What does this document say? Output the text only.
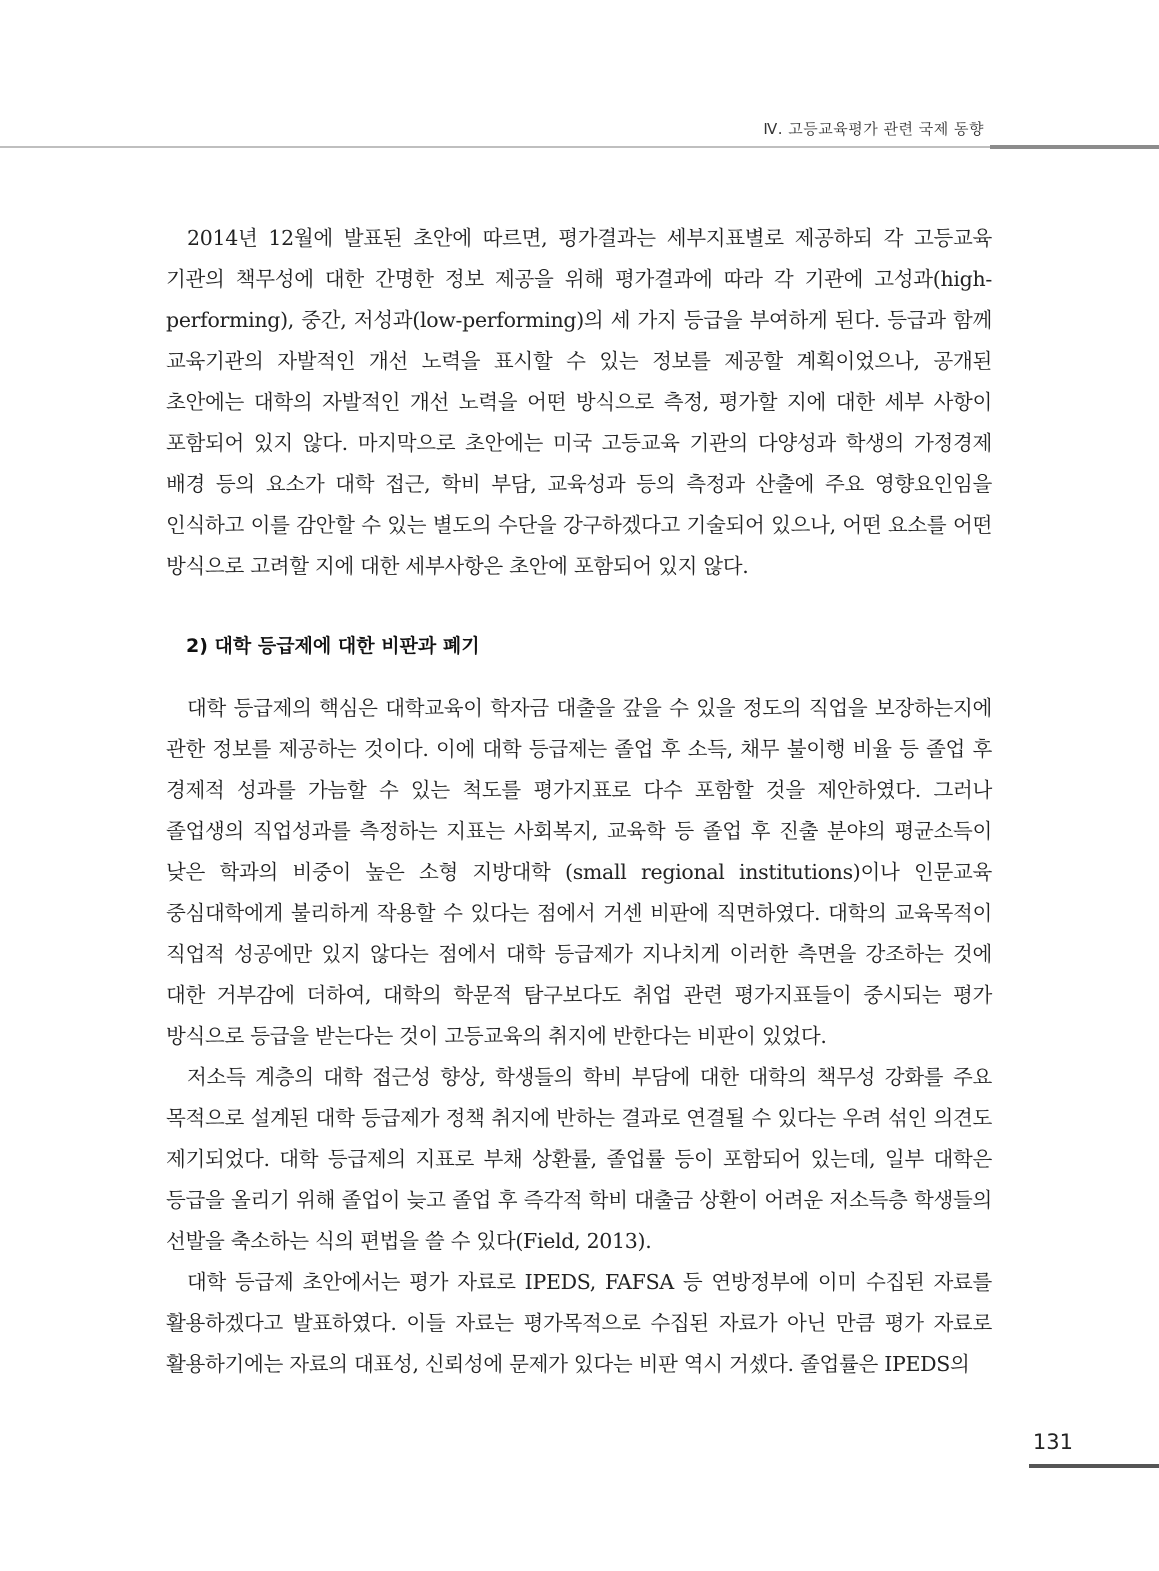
Ⅳ. 고등교육평가 관련 국제 동향

2014년 12월에 발표된 초안에 따르면, 평가결과는 세부지표별로 제공하되 각 고등교육 기관의 책무성에 대한 간명한 정보 제공을 위해 평가결과에 따라 각 기관에 고성과(high-performing), 중간, 저성과(low-performing)의 세 가지 등급을 부여하게 된다. 등급과 함께 교육기관의 자발적인 개선 노력을 표시할 수 있는 정보를 제공할 계획이었으나, 공개된 초안에는 대학의 자발적인 개선 노력을 어떤 방식으로 측정, 평가할 지에 대한 세부 사항이 포함되어 있지 않다. 마지막으로 초안에는 미국 고등교육 기관의 다양성과 학생의 가정경제 배경 등의 요소가 대학 접근, 학비 부담, 교육성과 등의 측정과 산출에 주요 영향요인임을 인식하고 이를 감안할 수 있는 별도의 수단을 강구하겠다고 기술되어 있으나, 어떤 요소를 어떤 방식으로 고려할 지에 대한 세부사항은 초안에 포함되어 있지 않다.

2) 대학 등급제에 대한 비판과 폐기

대학 등급제의 핵심은 대학교육이 학자금 대출을 갚을 수 있을 정도의 직업을 보장하는지에 관한 정보를 제공하는 것이다. 이에 대학 등급제는 졸업 후 소득, 채무 불이행 비율 등 졸업 후 경제적 성과를 가늠할 수 있는 척도를 평가지표로 다수 포함할 것을 제안하였다. 그러나 졸업생의 직업성과를 측정하는 지표는 사회복지, 교육학 등 졸업 후 진출 분야의 평균소득이 낮은 학과의 비중이 높은 소형 지방대학 (small regional institutions)이나 인문교육 중심대학에게 불리하게 작용할 수 있다는 점에서 거센 비판에 직면하였다. 대학의 교육목적이 직업적 성공에만 있지 않다는 점에서 대학 등급제가 지나치게 이러한 측면을 강조하는 것에 대한 거부감에 더하여, 대학의 학문적 탐구보다도 취업 관련 평가지표들이 중시되는 평가 방식으로 등급을 받는다는 것이 고등교육의 취지에 반한다는 비판이 있었다.

저소득 계층의 대학 접근성 향상, 학생들의 학비 부담에 대한 대학의 책무성 강화를 주요 목적으로 설계된 대학 등급제가 정책 취지에 반하는 결과로 연결될 수 있다는 우려 섞인 의견도 제기되었다. 대학 등급제의 지표로 부채 상환률, 졸업률 등이 포함되어 있는데, 일부 대학은 등급을 올리기 위해 졸업이 늦고 졸업 후 즉각적 학비 대출금 상환이 어려운 저소득층 학생들의 선발을 축소하는 식의 편법을 쓸 수 있다(Field, 2013).

대학 등급제 초안에서는 평가 자료로 IPEDS, FAFSA 등 연방정부에 이미 수집된 자료를 활용하겠다고 발표하였다. 이들 자료는 평가목적으로 수집된 자료가 아닌 만큼 평가 자료로 활용하기에는 자료의 대표성, 신뢰성에 문제가 있다는 비판 역시 거셌다. 졸업률은 IPEDS의

131
